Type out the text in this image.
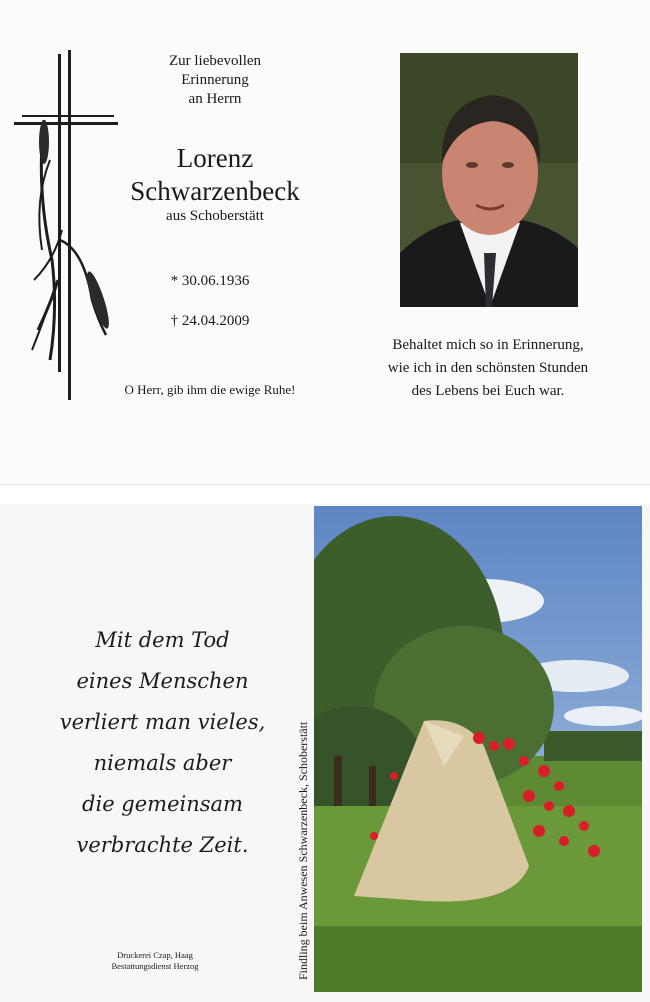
Zur liebevollen
Erinnerung
an Herrn
Lorenz
Schwarzenbeck
aus Schoberstätt
* 30.06.1936
† 24.04.2009
O Herr, gib ihm die ewige Ruhe!
Behaltet mich so in Erinnerung,
wie ich in den schönsten Stunden
des Lebens bei Euch war.
Mit dem Tod
eines Menschen
verliert man vieles,
niemals aber
die gemeinsam
verbrachte Zeit.
Druckerei Czap, Haag
Bestattungsdienst Herzog	Findling beim Anwesen Schwarzenbeck, Schoberstätt
